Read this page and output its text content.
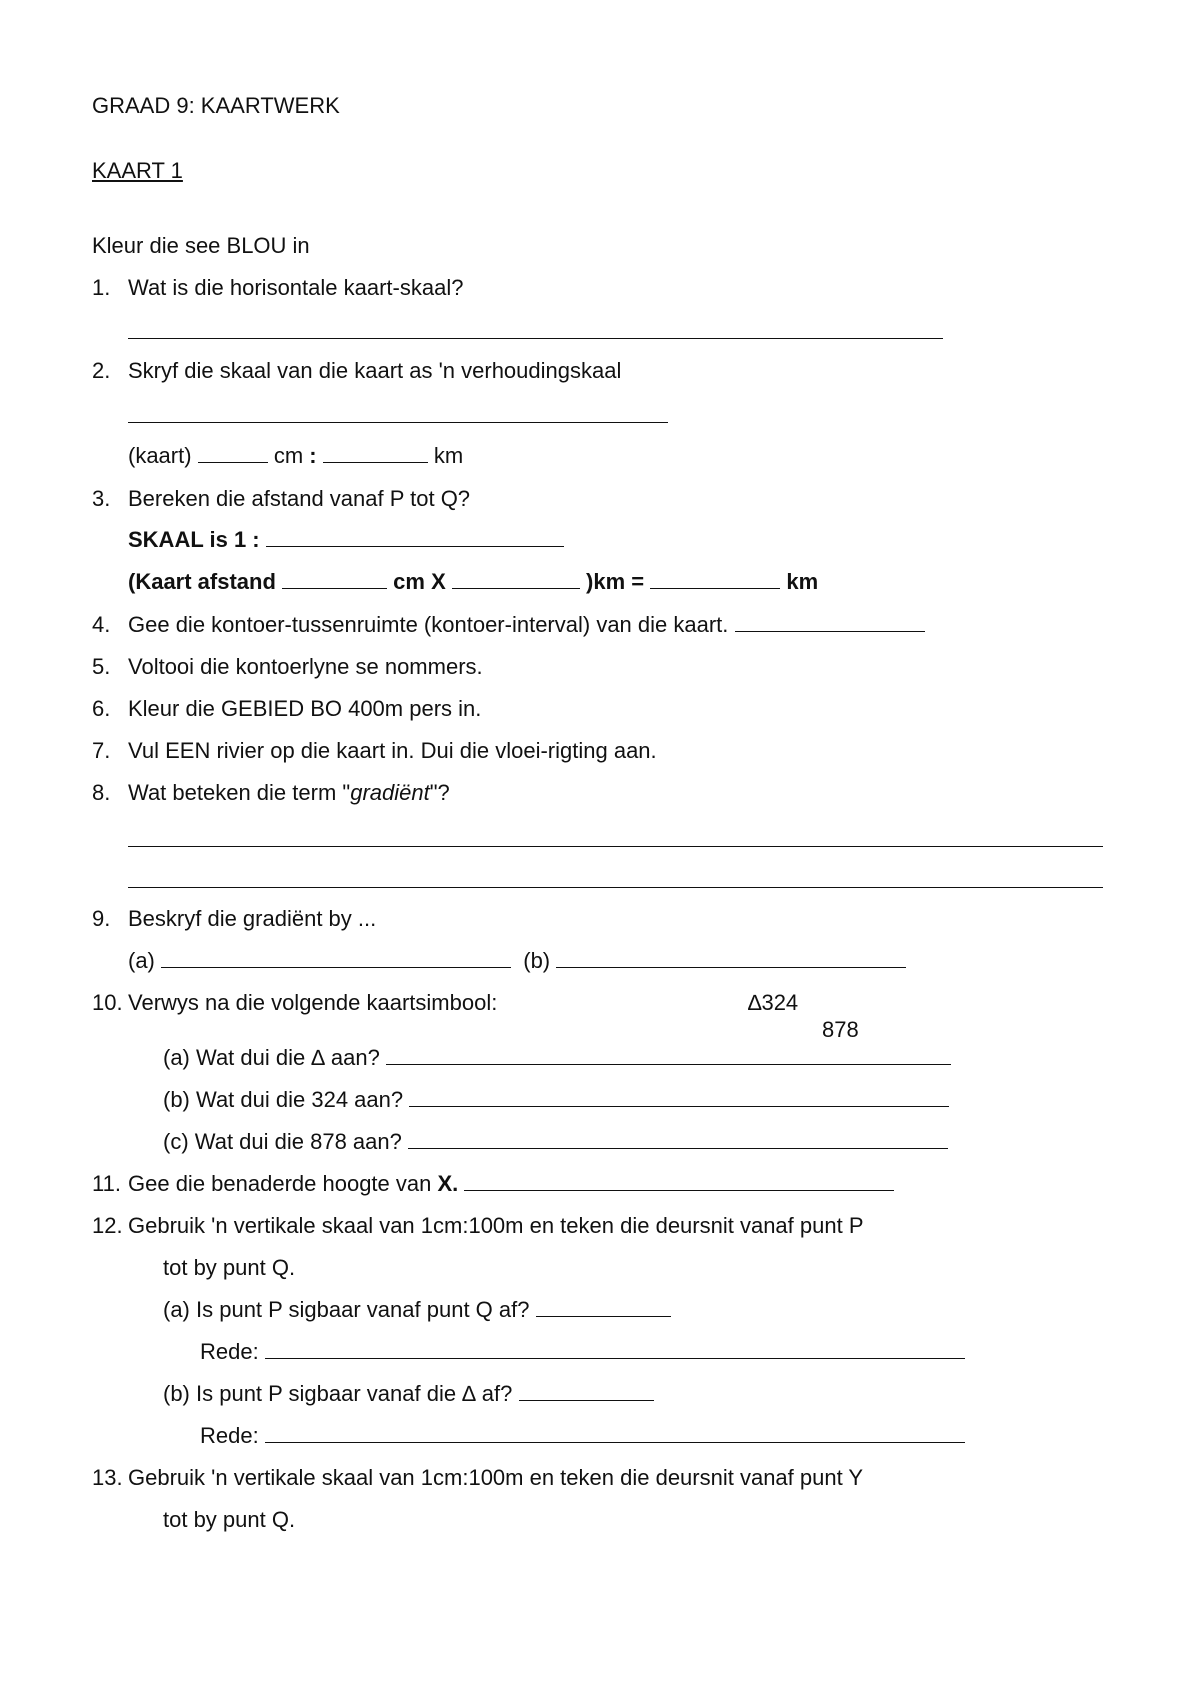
GRAAD 9: KAARTWERK
KAART 1
Kleur die see BLOU in
1. Wat is die horisontale kaart-skaal?
2. Skryf die skaal van die kaart as 'n verhoudingskaal
(kaart)	cm :	km
3. Bereken die afstand vanaf P tot Q?
SKAAL is 1 :
(Kaart afstand	cm X	)km =	km
4. Gee die kontoer-tussenruimte (kontoer-interval) van die kaart.
5. Voltooi die kontoerlyne se nommers.
6. Kleur die GEBIED BO 400m pers in.
7. Vul EEN rivier op die kaart in. Dui die vloei-rigting aan.
8. Wat beteken die term "gradiënt"?
9. Beskryf die gradiënt by ...
(a)	(b)
10. Verwys na die volgende kaartsimbool:	∆324
878
(a) Wat dui die ∆ aan?
(b) Wat dui die 324 aan?
(c) Wat dui die 878 aan?
11. Gee die benaderde hoogte van X.
12. Gebruik 'n vertikale skaal van 1cm:100m en teken die deursnit vanaf punt P
tot by punt Q.
(a) Is punt P sigbaar vanaf punt Q af?
Rede:
(b) Is punt P sigbaar vanaf die ∆ af?
Rede:
13. Gebruik 'n vertikale skaal van 1cm:100m en teken die deursnit vanaf punt Y
tot by punt Q.
